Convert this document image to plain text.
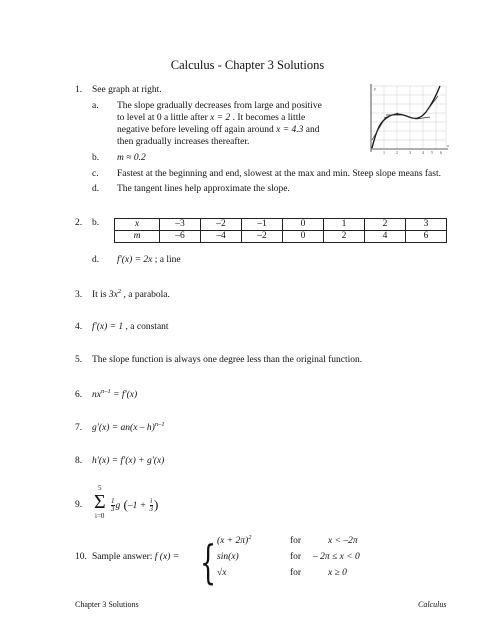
Calculus - Chapter 3 Solutions
1. See graph at right.
a. The slope gradually decreases from large and positive
to level at 0 a little after x = 2 . It becomes a little
negative before leveling off again around x = 4.3 and
then gradually increases thereafter.
b. m ≈ 0.2
c. Fastest at the beginning and end, slowest at the max and min. Steep slope means fast.
d. The tangent lines help approximate the slope.
y
x
1	2	3	4 5 6
2. b.	x	–3	–2	–1	0	1	2	3
m	–6	–4	–2	0	2	4	6
d. f′(x) = 2x ; a line
3. It is $3x^2$ , a parabola.
4. f′(x) = 1 , a constant
5. The slope function is always one degree less than the original function.
6. $nx^{n-1} = f'(x)$
7. g′(x) = an(x – h)$^{n-1}$
8. h′(x) = f′(x) + g′(x)
9.
5
Σ
i=0
$\frac{1}{3}$ g ($-1 + \frac{i}{3}$ )
10. Sample answer: f (x) = { $(x + 2\pi)^2$	for	x < –2π
sin(x)	for – 2π ≤ x < 0
√x	for	x ≥ 0
Chapter 3 Solutions	Calculus
